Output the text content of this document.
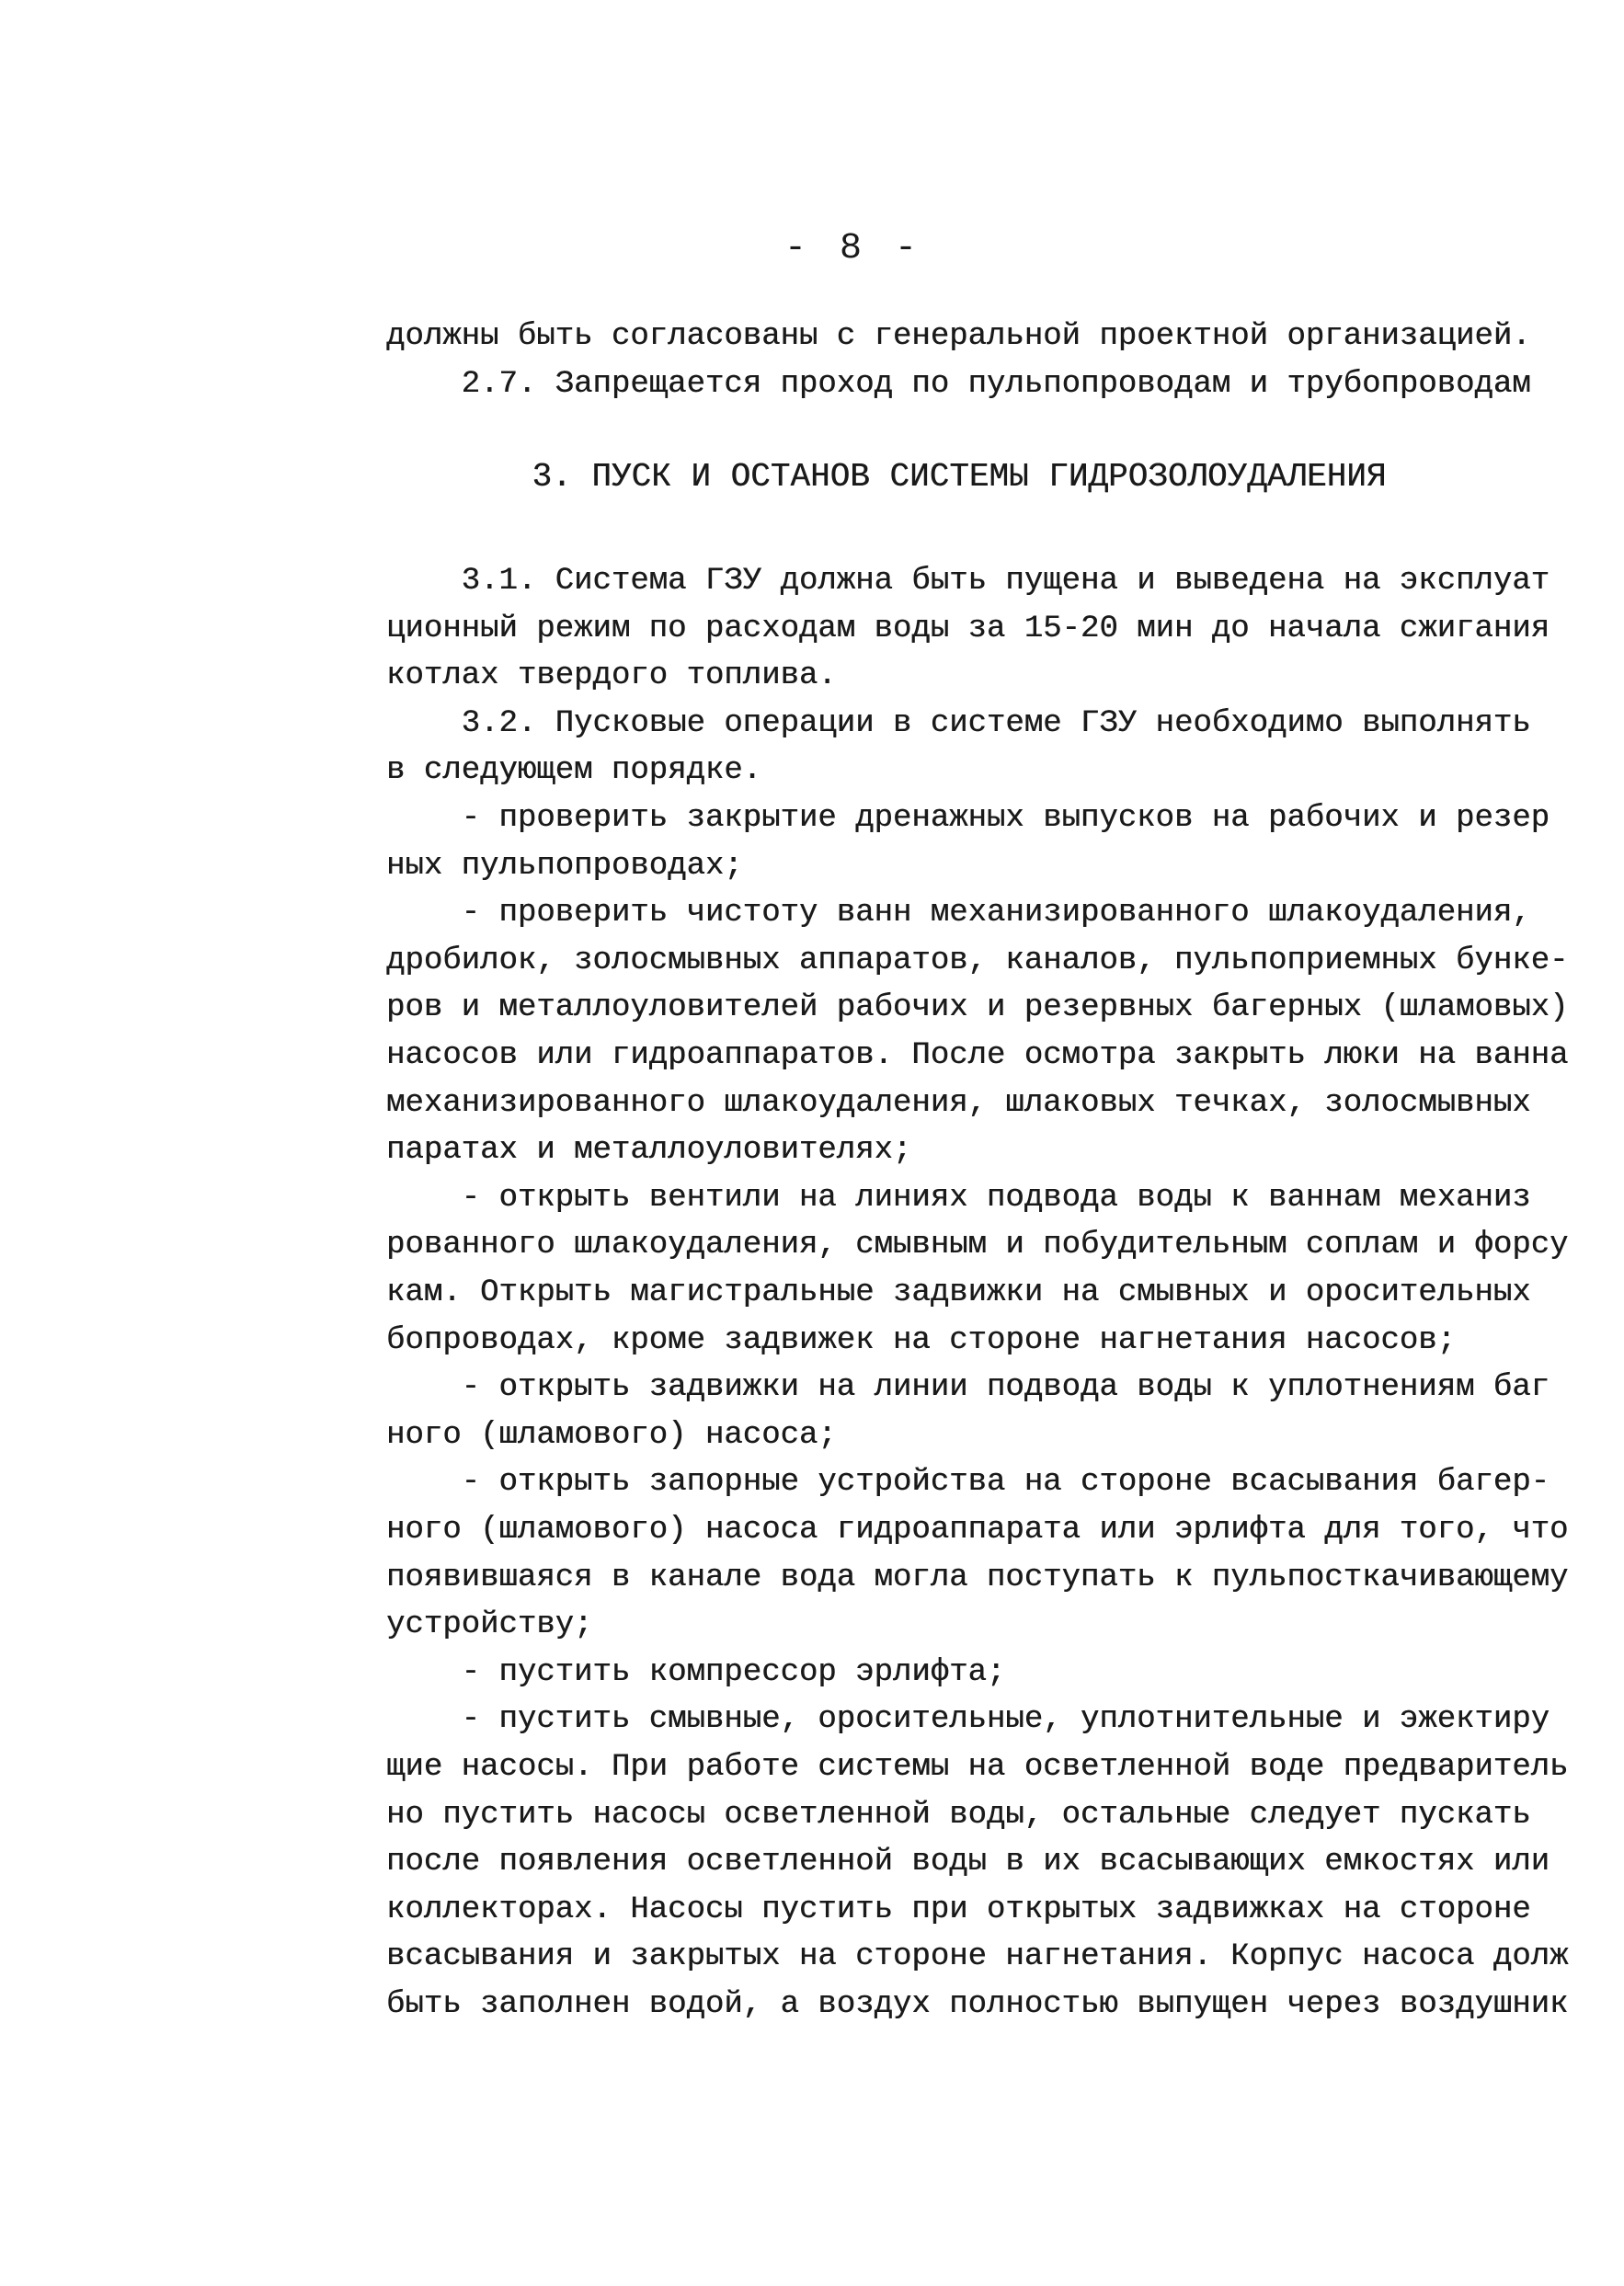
- 8 -
должны быть согласованы с генеральной проектной организацией.
2.7. Запрещается проход по пульпопроводам и трубопроводам
3. ПУСК И ОСТАНОВ СИСТЕМЫ ГИДРОЗОЛОУДАЛЕНИЯ
3.1. Система ГЗУ должна быть пущена и выведена на эксплуат
ционный режим по расходам воды за 15-20 мин до начала сжигания
котлах твердого топлива.
3.2. Пусковые операции в системе ГЗУ необходимо выполнять
в следующем порядке.
- проверить закрытие дренажных выпусков на рабочих и резер
ных пульпопроводах;
- проверить чистоту ванн механизированного шлакоудаления,
дробилок, золосмывных аппаратов, каналов, пульпоприемных бунке-
ров и металлоуловителей рабочих и резервных багерных (шламовых)
насосов или гидроаппаратов. После осмотра закрыть люки на ванна
механизированного шлакоудаления, шлаковых течках, золосмывных
паратах и металлоуловителях;
- открыть вентили на линиях подвода воды к ваннам механиз
рованного шлакоудаления, смывным и побудительным соплам и форсу
кам. Открыть магистральные задвижки на смывных и оросительных
бопроводах, кроме задвижек на стороне нагнетания насосов;
- открыть задвижки на линии подвода воды к уплотнениям баг
ного (шламового) насоса;
- открыть запорные устройства на стороне всасывания багер-
ного (шламового) насоса гидроаппарата или эрлифта для того, что
появившаяся в канале вода могла поступать к пульпосткачивающему
устройству;
- пустить компрессор эрлифта;
- пустить смывные, оросительные, уплотнительные и эжектиру
щие насосы. При работе системы на осветленной воде предваритель
но пустить насосы осветленной воды, остальные следует пускать
после появления осветленной воды в их всасывающих емкостях или
коллекторах. Насосы пустить при открытых задвижках на стороне
всасывания и закрытых на стороне нагнетания. Корпус насоса долж
быть заполнен водой, а воздух полностью выпущен через воздушник
